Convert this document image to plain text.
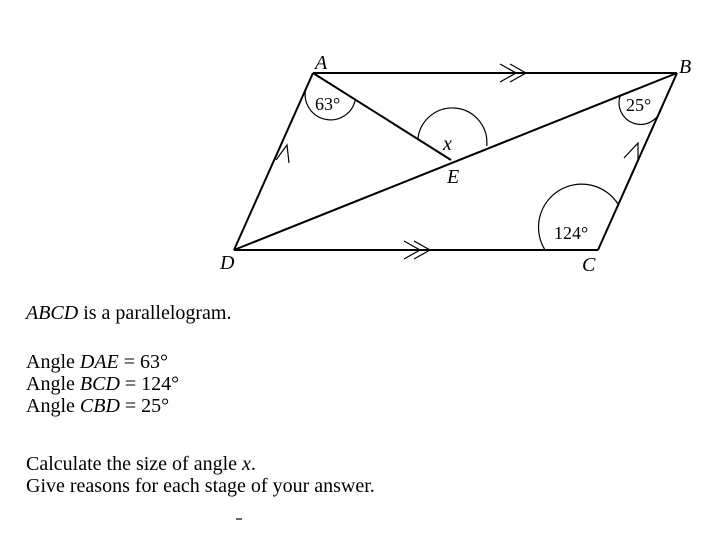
A	B
C
D
E
63°	25°
124°
x
ABCD is a parallelogram.
Angle DAE = 63°
Angle BCD = 124°
Angle CBD = 25°
Calculate the size of angle x.
Give reasons for each stage of your answer.
